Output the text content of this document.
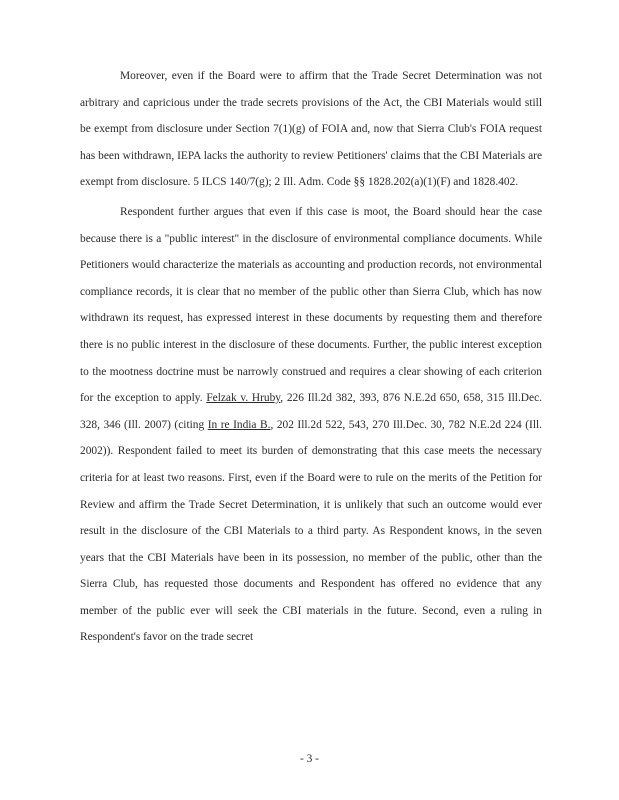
Moreover, even if the Board were to affirm that the Trade Secret Determination was not arbitrary and capricious under the trade secrets provisions of the Act, the CBI Materials would still be exempt from disclosure under Section 7(1)(g) of FOIA and, now that Sierra Club's FOIA request has been withdrawn, IEPA lacks the authority to review Petitioners' claims that the CBI Materials are exempt from disclosure. 5 ILCS 140/7(g); 2 Ill. Adm. Code §§ 1828.202(a)(1)(F) and 1828.402.

Respondent further argues that even if this case is moot, the Board should hear the case because there is a "public interest" in the disclosure of environmental compliance documents. While Petitioners would characterize the materials as accounting and production records, not environmental compliance records, it is clear that no member of the public other than Sierra Club, which has now withdrawn its request, has expressed interest in these documents by requesting them and therefore there is no public interest in the disclosure of these documents. Further, the public interest exception to the mootness doctrine must be narrowly construed and requires a clear showing of each criterion for the exception to apply. Felzak v. Hruby, 226 Ill.2d 382, 393, 876 N.E.2d 650, 658, 315 Ill.Dec. 328, 346 (Ill. 2007) (citing In re India B., 202 Ill.2d 522, 543, 270 Ill.Dec. 30, 782 N.E.2d 224 (Ill. 2002)). Respondent failed to meet its burden of demonstrating that this case meets the necessary criteria for at least two reasons. First, even if the Board were to rule on the merits of the Petition for Review and affirm the Trade Secret Determination, it is unlikely that such an outcome would ever result in the disclosure of the CBI Materials to a third party. As Respondent knows, in the seven years that the CBI Materials have been in its possession, no member of the public, other than the Sierra Club, has requested those documents and Respondent has offered no evidence that any member of the public ever will seek the CBI materials in the future. Second, even a ruling in Respondent's favor on the trade secret

- 3 -
